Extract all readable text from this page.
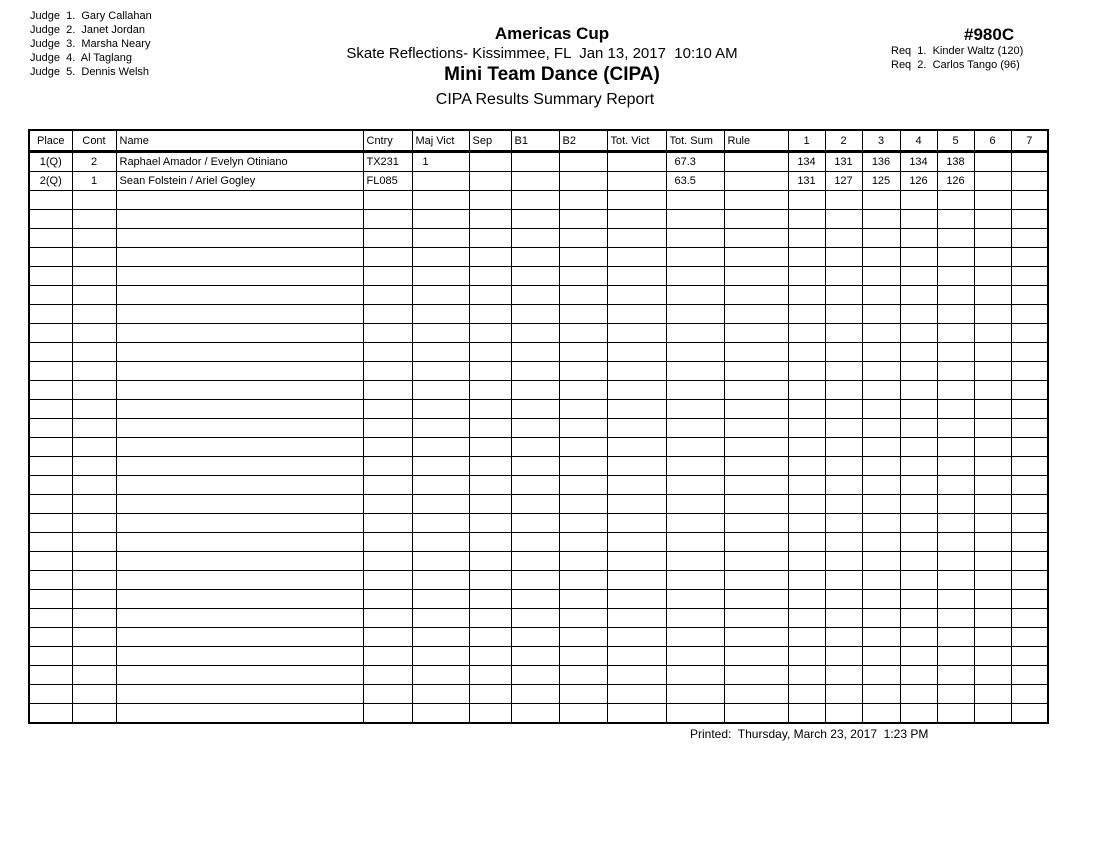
Judge  1.  Gary Callahan
Judge  2.  Janet Jordan
Judge  3.  Marsha Neary
Judge  4.  Al Taglang
Judge  5.  Dennis Welsh
Americas Cup
Skate Reflections- Kissimmee, FL  Jan 13, 2017  10:10 AM
Mini Team Dance (CIPA)
CIPA Results Summary Report
#980C
Req  1.  Kinder Waltz (120)
Req  2.  Carlos Tango (96)
Place	Cont	Name	Cntry	Maj Vict	Sep	B1	B2	Tot. Vict	Tot. Sum	Rule	1	2	3	4	5	6	7
1(Q)	2	Raphael Amador / Evelyn Otiniano	TX231	1					67.3		134	131	136	134	138		
2(Q)	1	Sean Folstein / Ariel Gogley	FL085						63.5		131	127	125	126	126		

Printed:  Thursday, March 23, 2017  1:23 PM
